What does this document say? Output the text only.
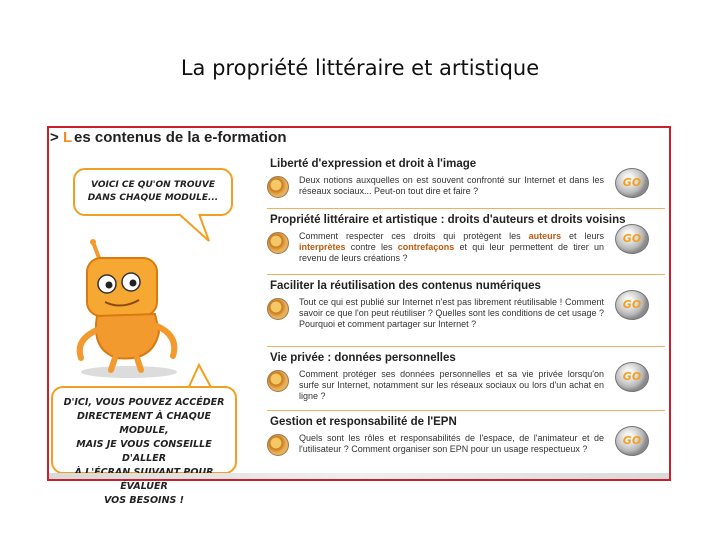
La propriété littéraire et artistique
> L es contenus de la e-formation
VOICI CE QU'ON TROUVE
DANS CHAQUE MODULE...
D'ICI, VOUS POUVEZ ACCÉDER
DIRECTEMENT À CHAQUE MODULE,
MAIS JE VOUS CONSEILLE D'ALLER
ÉVALUER
VOS BESOINS !
Liberté d'expression et droit à l'image
Deux notions auxquelles on est souvent confronté sur Internet et dans les réseaux sociaux... Peut-on tout dire et faire ?
GO
Propriété littéraire et artistique : droits d'auteurs et droits voisins
Comment respecter ces droits qui protègent les auteurs et leurs interprètes contre les contrefaçons et qui leur permettent de tirer un revenu de leurs créations ?
GO
Faciliter la réutilisation des contenus numériques
Tout ce qui est publié sur Internet n'est pas librement réutilisable ! Comment savoir ce que l'on peut réutiliser ? Quelles sont les conditions de cet usage ? Pourquoi et comment partager sur Internet ?
GO
Vie privée : données personnelles
Comment protéger ses données personnelles et sa vie privée lorsqu'on surfe sur Internet, notamment sur les réseaux sociaux ou lors d'un achat en ligne ?
GO
Gestion et responsabilité de l'EPN
Quels sont les rôles et responsabilités de l'espace, de l'animateur et de l'utilisateur ? Comment organiser son EPN pour un usage respectueux ?
GO
